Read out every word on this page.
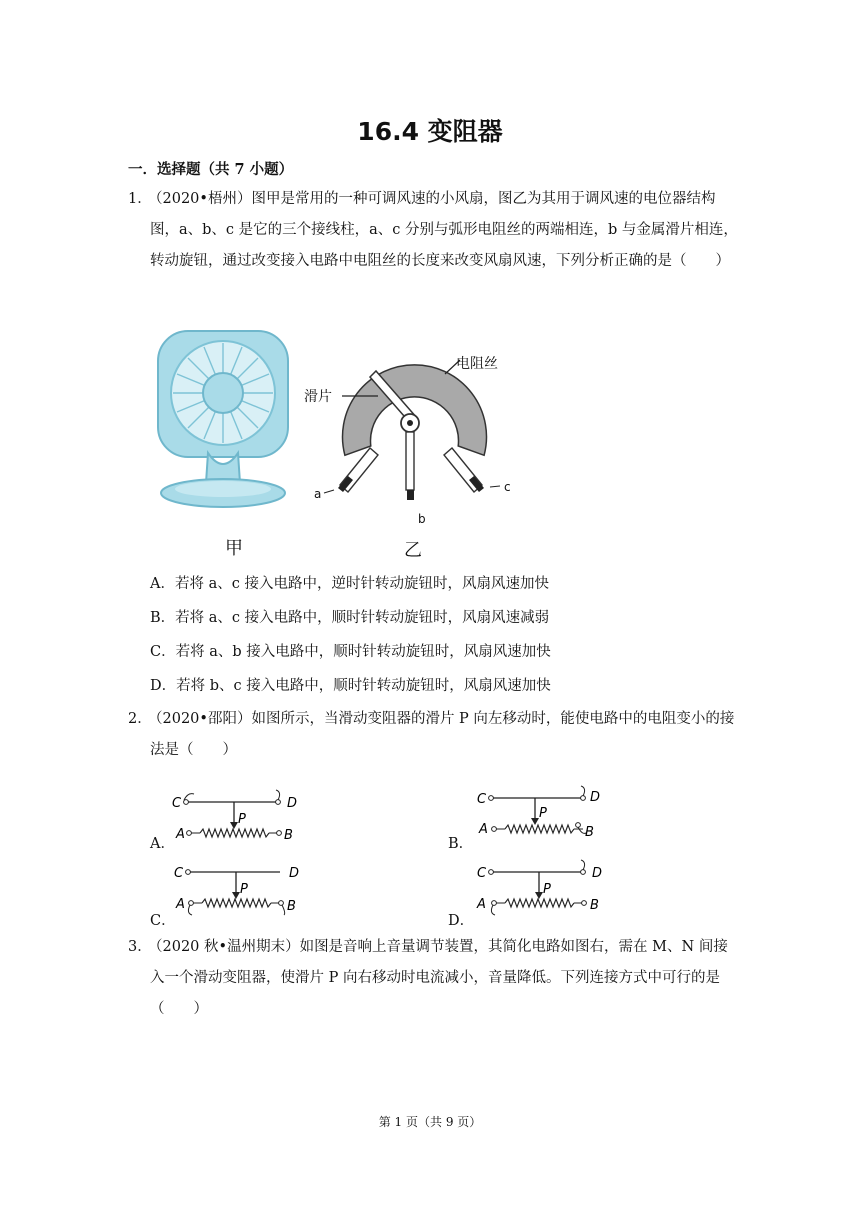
16.4 变阻器
一．选择题（共 7 小题）
1．
（2020•梧州）图甲是常用的一种可调风速的小风扇，图乙为其用于调风速的电位器结构图，a、b、c 是它的三个接线柱，a、c 分别与弧形电阻丝的两端相连，b 与金属滑片相连，转动旋钮，通过改变接入电路中电阻丝的长度来改变风扇风速，下列分析正确的是（　　）
甲
电阻丝
滑片
a
b
c
乙
A．若将 a、c 接入电路中，逆时针转动旋钮时，风扇风速加快
B．若将 a、c 接入电路中，顺时针转动旋钮时，风扇风速减弱
C．若将 a、b 接入电路中，顺时针转动旋钮时，风扇风速加快
D．若将 b、c 接入电路中，顺时针转动旋钮时，风扇风速加快
2．
（2020•邵阳）如图所示，当滑动变阻器的滑片 P 向左移动时，能使电路中的电阻变小的接法是（　　）
C	D
A	B
P
A．
C	D
A	B
P
B．
C	D
A	B
P
C．
C	D
A	B
P
D．
3．
（2020 秋•温州期末）如图是音响上音量调节装置，其简化电路如图右，需在 M、N 间接入一个滑动变阻器，使滑片 P 向右移动时电流减小，音量降低。下列连接方式中可行的是（　　）
第 1 页（共 9 页）
